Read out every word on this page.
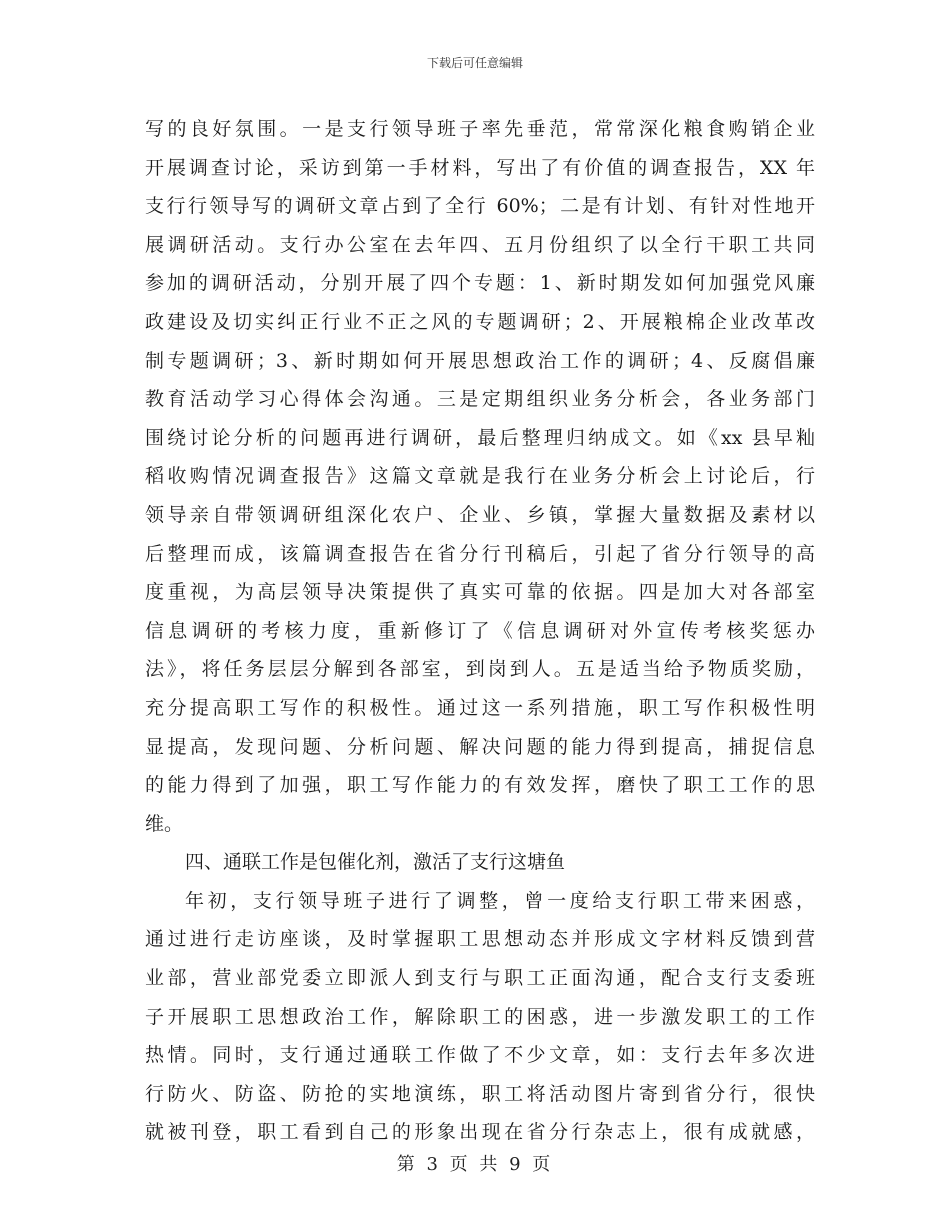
下载后可任意编辑
写的良好氛围。一是支行领导班子率先垂范，常常深化粮食购销企业
开展调查讨论，采访到第一手材料，写出了有价值的调查报告，XX 年
支行行领导写的调研文章占到了全行 60%；二是有计划、有针对性地开
展调研活动。支行办公室在去年四、五月份组织了以全行干职工共同
参加的调研活动，分别开展了四个专题：1、新时期发如何加强党风廉
政建设及切实纠正行业不正之风的专题调研；2、开展粮棉企业改革改
制专题调研；3、新时期如何开展思想政治工作的调研；4、反腐倡廉
教育活动学习心得体会沟通。三是定期组织业务分析会，各业务部门
围绕讨论分析的问题再进行调研，最后整理归纳成文。如《xx 县早籼
稻收购情况调查报告》这篇文章就是我行在业务分析会上讨论后，行
领导亲自带领调研组深化农户、企业、乡镇，掌握大量数据及素材以
后整理而成，该篇调查报告在省分行刊稿后，引起了省分行领导的高
度重视，为高层领导决策提供了真实可靠的依据。四是加大对各部室
信息调研的考核力度，重新修订了《信息调研对外宣传考核奖惩办
法》，将任务层层分解到各部室，到岗到人。五是适当给予物质奖励，
充分提高职工写作的积极性。通过这一系列措施，职工写作积极性明
显提高，发现问题、分析问题、解决问题的能力得到提高，捕捉信息
的能力得到了加强，职工写作能力的有效发挥，磨快了职工工作的思
维。
四、通联工作是包催化剂，激活了支行这塘鱼
年初，支行领导班子进行了调整，曾一度给支行职工带来困惑，
通过进行走访座谈，及时掌握职工思想动态并形成文字材料反馈到营
业部，营业部党委立即派人到支行与职工正面沟通，配合支行支委班
子开展职工思想政治工作，解除职工的困惑，进一步激发职工的工作
热情。同时，支行通过通联工作做了不少文章，如：支行去年多次进
行防火、防盗、防抢的实地演练，职工将活动图片寄到省分行，很快
就被刊登，职工看到自己的形象出现在省分行杂志上，很有成就感，
第 3 页 共 9 页
